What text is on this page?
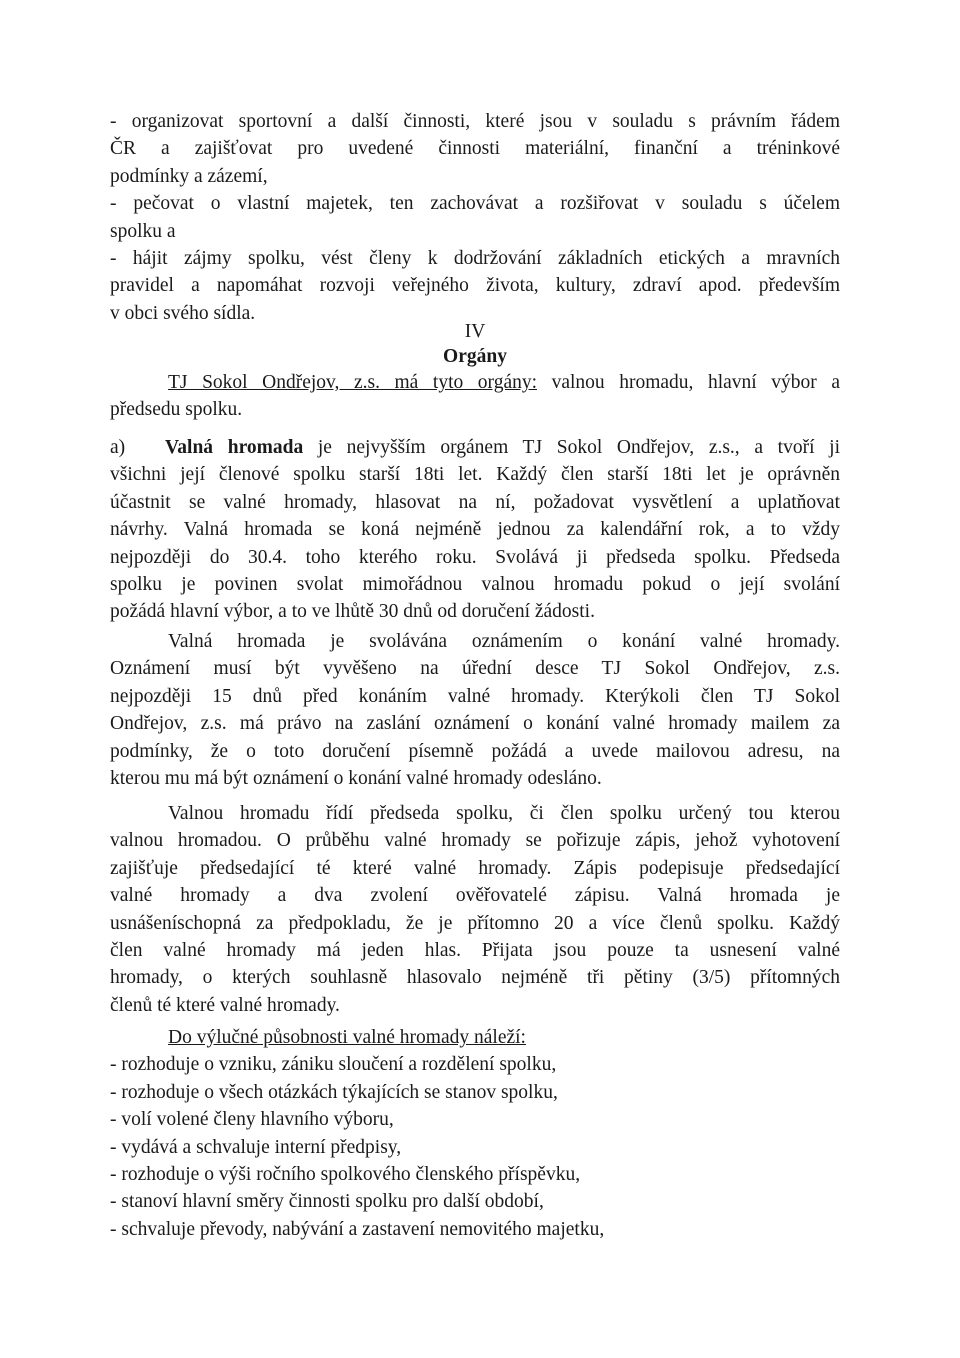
- organizovat sportovní a další činnosti, které jsou v souladu s právním řádem
ČR a zajišťovat pro uvedené činnosti materiální, finanční a tréninkové
podmínky a zázemí,
- pečovat o vlastní majetek, ten zachovávat a rozšiřovat v souladu s účelem
spolku a
- hájit zájmy spolku, vést členy k dodržování základních etických a mravních
pravidel a napomáhat rozvoji veřejného života, kultury, zdraví apod. především
v obci svého sídla.
IV
Orgány
TJ Sokol Ondřejov, z.s. má tyto orgány: valnou hromadu, hlavní výbor a
předsedu spolku.
a) Valná hromada je nejvyšším orgánem TJ Sokol Ondřejov, z.s., a tvoří ji
všichni její členové spolku starší 18ti let. Každý člen starší 18ti let je oprávněn
účastnit se valné hromady, hlasovat na ní, požadovat vysvětlení a uplatňovat
návrhy. Valná hromada se koná nejméně jednou za kalendářní rok, a to vždy
nejpozději do 30.4. toho kterého roku. Svolává ji předseda spolku. Předseda
spolku je povinen svolat mimořádnou valnou hromadu pokud o její svolání
požádá hlavní výbor, a to ve lhůtě 30 dnů od doručení žádosti.
Valná hromada je svolávána oznámením o konání valné hromady.
Oznámení musí být vyvěšeno na úřední desce TJ Sokol Ondřejov, z.s.
nejpozději 15 dnů před konáním valné hromady. Kterýkoli člen TJ Sokol
Ondřejov, z.s. má právo na zaslání oznámení o konání valné hromady mailem za
podmínky, že o toto doručení písemně požádá a uvede mailovou adresu, na
kterou mu má být oznámení o konání valné hromady odesláno.
Valnou hromadu řídí předseda spolku, či člen spolku určený tou kterou
valnou hromadou. O průběhu valné hromady se pořizuje zápis, jehož vyhotovení
zajišťuje předsedající té které valné hromady. Zápis podepisuje předsedající
valné hromady a dva zvolení ověřovatelé zápisu. Valná hromada je
usnášeníschopná za předpokladu, že je přítomno 20 a více členů spolku. Každý
člen valné hromady má jeden hlas. Přijata jsou pouze ta usnesení valné
hromady, o kterých souhlasně hlasovalo nejméně tři pětiny (3/5) přítomných
členů té které valné hromady.
Do výlučné působnosti valné hromady náleží:
- rozhoduje o vzniku, zániku sloučení a rozdělení spolku,
- rozhoduje o všech otázkách týkajících se stanov spolku,
- volí volené členy hlavního výboru,
- vydává a schvaluje interní předpisy,
- rozhoduje o výši ročního spolkového členského příspěvku,
- stanoví hlavní směry činnosti spolku pro další období,
- schvaluje převody, nabývání a zastavení nemovitého majetku,
